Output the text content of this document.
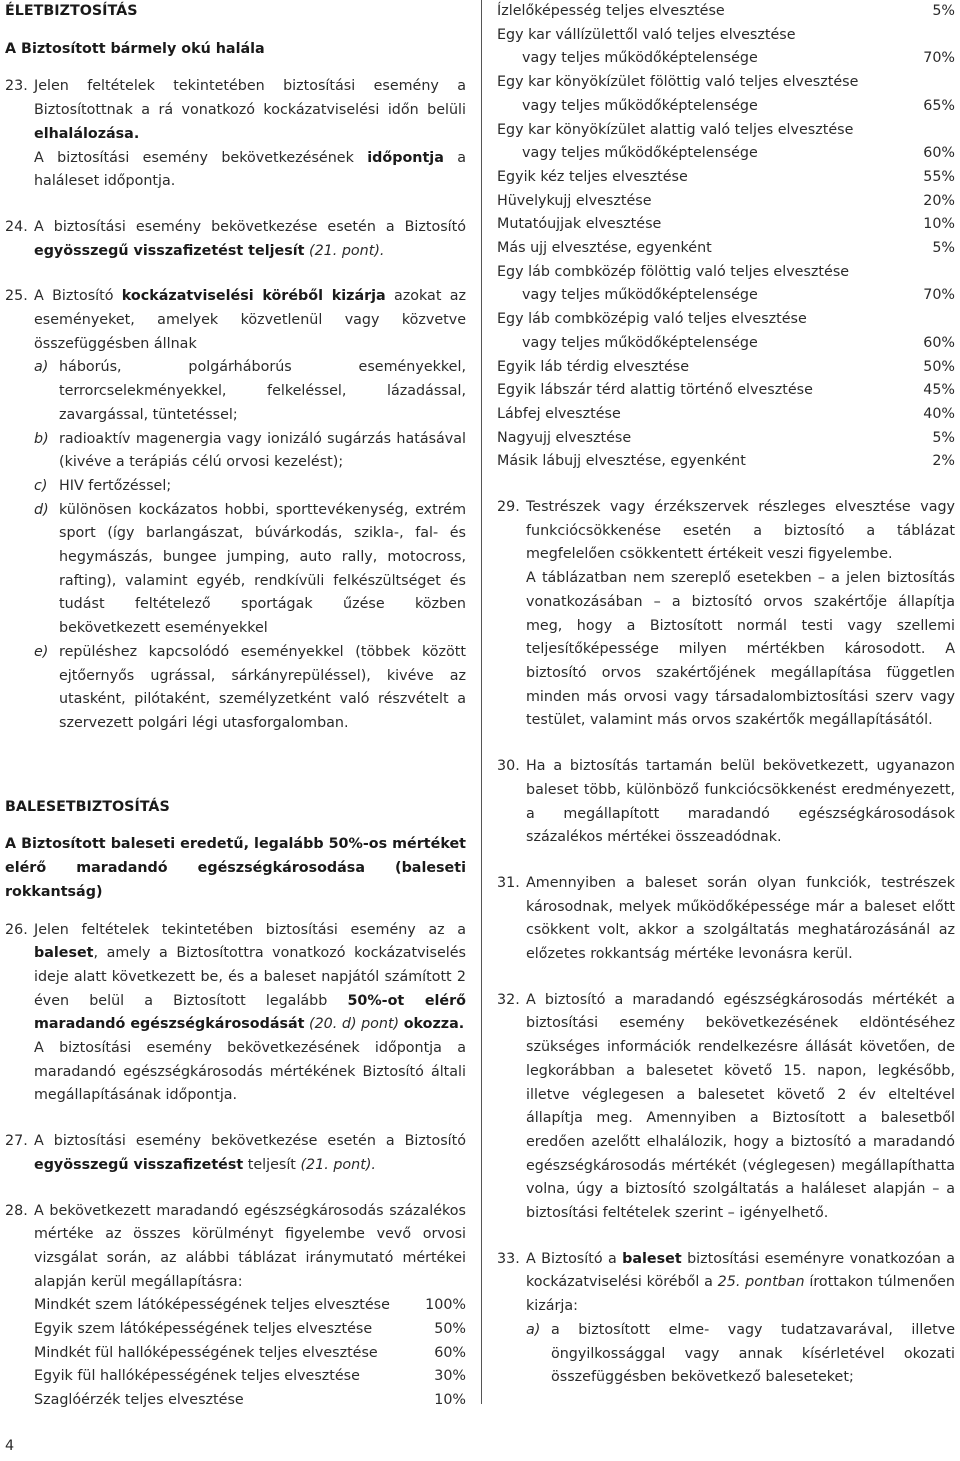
ÉLETBIZTOSÍTÁS
A Biztosított bármely okú halála
23. Jelen feltételek tekintetében biztosítási esemény a Biztosítottnak a rá vonatkozó kockázatviselési időn belüli elhalálozása.

A biztosítási esemény bekövetkezésének időpontja a haláleset időpontja.

24. A biztosítási esemény bekövetkezése esetén a Biztosító egyösszegű visszafizetést teljesít (21. pont).

25. A Biztosító kockázatviselési köréből kizárja azokat az eseményeket, amelyek közvetlenül vagy közvetve összefüggésben állnak

a) háborús, polgárháborús eseményekkel, terrorcselekményekkel, felkeléssel, lázadással, zavargással, tüntetéssel;
b) radioaktív magenergia vagy ionizáló sugárzás hatásával (kivéve a terápiás célú orvosi kezelést);
c) HIV fertőzéssel;
d) különösen kockázatos hobbi, sporttevékenység, extrém sport (így barlangászat, búvárkodás, szikla-, fal- és hegymászás, bungee jumping, auto rally, motocross, rafting), valamint egyéb, rendkívüli felkészültséget és tudást feltételező sportágak űzése közben bekövetkezett eseményekkel
e) repüléshez kapcsolódó eseményekkel (többek között ejtőernyős ugrással, sárkányrepüléssel), kivéve az utasként, pilótaként, személyzetként való részvételt a szervezett polgári légi utasforgalomban.
BALESETBIZTOSÍTÁS
A Biztosított baleseti eredetű, legalább 50%-os mértéket elérő maradandó egészségkárosodása (baleseti rokkantság)
26. Jelen feltételek tekintetében biztosítási esemény az a baleset, amely a Biztosítottra vonatkozó kockázatviselés ideje alatt következett be, és a baleset napjától számított 2 éven belül a Biztosított legalább 50%-ot elérő maradandó egészségkárosodását (20. d) pont) okozza.

A biztosítási esemény bekövetkezésének időpontja a maradandó egészségkárosodás mértékének Biztosító általi megállapításának időpontja.

27. A biztosítási esemény bekövetkezése esetén a Biztosító egyösszegű visszafizetést teljesít (21. pont).

28. A bekövetkezett maradandó egészségkárosodás százalékos mértéke az összes körülményt figyelembe vevő orvosi vizsgálat során, az alábbi táblázat iránymutató mértékei alapján kerül megállapításra:

Mindkét szem látóképességének teljes elvesztése 100%
Egyik szem látóképességének teljes elvesztése	50%
Mindkét fül hallóképességének teljes elvesztése	60%
Egyik fül hallóképességének teljes elvesztése	30%
Szaglóérzék teljes elvesztése	10%
Ízlelőképesség teljes elvesztése	5%
Egy kar vállízülettől való teljes elvesztése
vagy teljes működőképtelensége	70%
Egy kar könyökízület fölöttig való teljes elvesztése
vagy teljes működőképtelensége	65%
Egy kar könyökízület alattig való teljes elvesztése
vagy teljes működőképtelensége	60%
Egyik kéz teljes elvesztése	55%
Hüvelykujj elvesztése	20%
Mutatóujjak elvesztése	10%
Más ujj elvesztése, egyenként	5%
Egy láb combközép fölöttig való teljes elvesztése
vagy teljes működőképtelensége	70%
Egy láb combközépig való teljes elvesztése
vagy teljes működőképtelensége	60%
Egyik láb térdig elvesztése	50%
Egyik lábszár térd alattig történő elvesztése	45%
Lábfej elvesztése	40%
Nagyujj elvesztése	5%
Másik lábujj elvesztése, egyenként	2%
29. Testrészek vagy érzékszervek részleges elvesztése vagy funkciócsökkenése esetén a biztosító a táblázat megfelelően csökkentett értékeit veszi figyelembe.

A táblázatban nem szereplő esetekben – a jelen biztosítás vonatkozásában – a biztosító orvos szakértője állapítja meg, hogy a Biztosított normál testi vagy szellemi teljesítőképessége milyen mértékben károsodott. A biztosító orvos szakértőjének megállapítása független minden más orvosi vagy társadalombiztosítási szerv vagy testület, valamint más orvos szakértők megállapításától.

30. Ha a biztosítás tartamán belül bekövetkezett, ugyanazon baleset több, különböző funkciócsökkenést eredményezett, a megállapított maradandó egészségkárosodások százalékos mértékei összeadódnak.

31. Amennyiben a baleset során olyan funkciók, testrészek károsodnak, melyek működőképessége már a baleset előtt csökkent volt, akkor a szolgáltatás meghatározásánál az előzetes rokkantság mértéke levonásra kerül.

32. A biztosító a maradandó egészségkárosodás mértékét a biztosítási esemény bekövetkezésének eldöntéséhez szükséges információk rendelkezésre állását követően, de legkorábban a balesetet követő 15. napon, legkésőbb, illetve véglegesen a balesetet követő 2 év elteltével állapítja meg. Amennyiben a Biztosított a balesetből eredően azelőtt elhalálozik, hogy a biztosító a maradandó egészségkárosodás mértékét (véglegesen) megállapíthatta volna, úgy a biztosító szolgáltatás a haláleset alapján – a biztosítási feltételek szerint – igényelhető.

33. A Biztosító a baleset biztosítási eseményre vonatkozóan a kockázatviselési köréből a 25. pontban írottakon túlmenően kizárja:

a) a biztosított elme- vagy tudatzavarával, illetve öngyilkossággal vagy annak kísérletével okozati összefüggésben bekövetkező baleseteket;
4
